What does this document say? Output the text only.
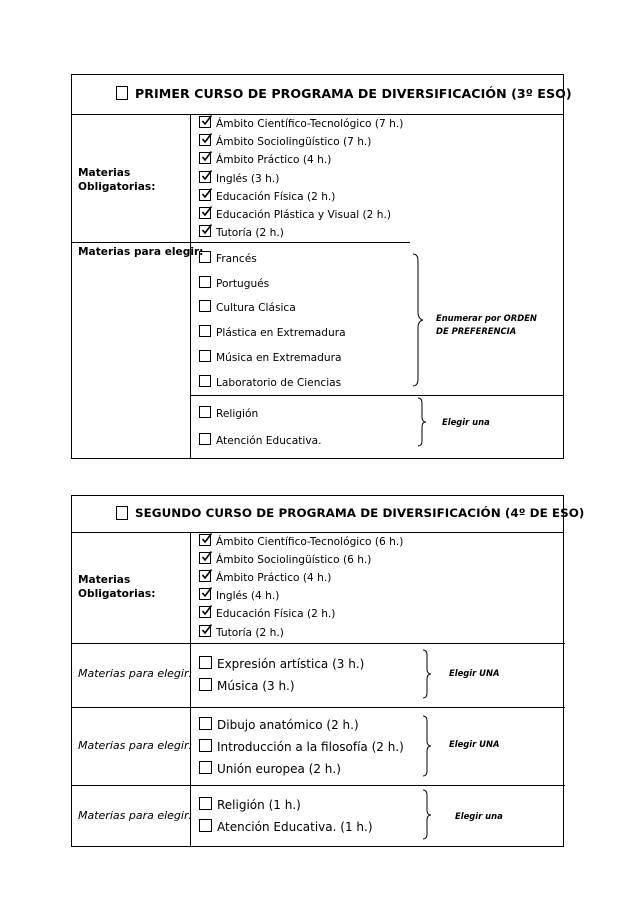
PRIMER CURSO DE PROGRAMA DE DIVERSIFICACIÓN (3º ESO)
Materias Obligatorias:
Materias para elegir:
Ámbito Científico-Tecnológico (7 h.)
Ámbito Sociolingüístico (7 h.)
Ámbito Práctico (4 h.)
Inglés (3 h.)
Educación Física (2 h.)
Educación Plástica y Visual (2 h.)
Tutoría (2 h.)
Francés
Portugués
Cultura Clásica
Plástica en Extremadura
Música en Extremadura
Laboratorio de Ciencias
Religión
Atención Educativa.
Enumerar por ORDEN
DE PREFERENCIA
Elegir una
SEGUNDO CURSO DE PROGRAMA DE DIVERSIFICACIÓN (4º DE ESO)
Materias Obligatorias:
Materias para elegir:
Materias para elegir:
Materias para elegir:
Ámbito Científico-Tecnológico (6 h.)
Ámbito Sociolingüístico (6 h.)
Ámbito Práctico (4 h.)
Inglés (4 h.)
Educación Física (2 h.)
Tutoría (2 h.)
Expresión artística (3 h.)
Música (3 h.)
Dibujo anatómico (2 h.)
Introducción a la filosofía (2 h.)
Unión europea (2 h.)
Religión (1 h.)
Atención Educativa. (1 h.)
Elegir UNA
Elegir UNA
Elegir una
